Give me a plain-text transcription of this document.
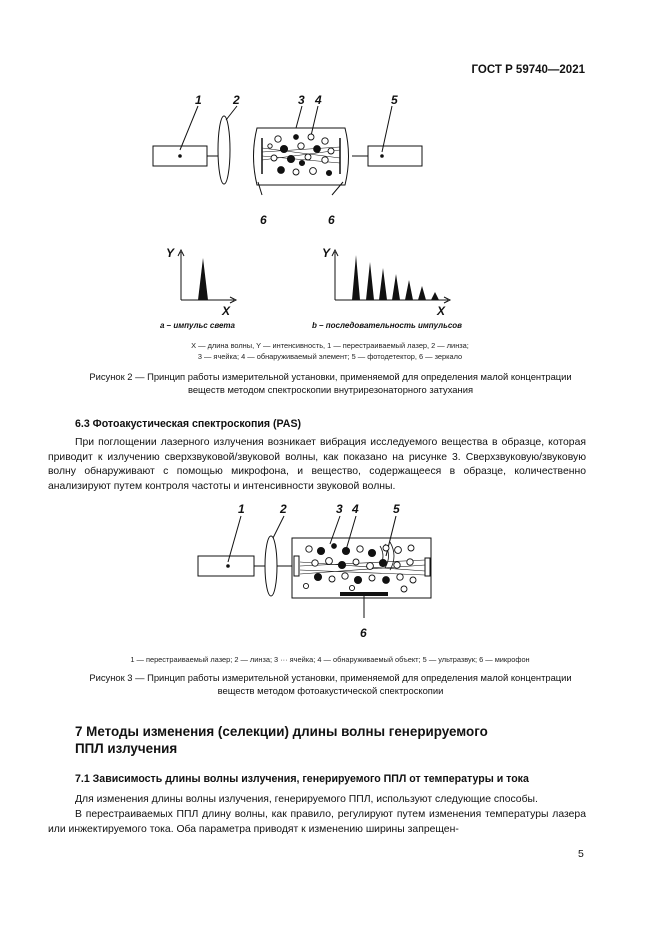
ГОСТ Р 59740—2021
1	2	3 4	5
6	6
Y
X
a – импульс света
Y
X
b – последовательность импульсов
X — длина волны, Y — интенсивность, 1 — перестраиваемый лазер, 2 — линза;
3 — ячейка; 4 — обнаруживаемый элемент; 5 — фотодетектор, 6 — зеркало
Рисунок 2 — Принцип работы измерительной установки, применяемой для определения малой концентрации
веществ методом спектроскопии внутрирезонаторного затухания
6.3 Фотоакустическая спектроскопия (PAS)
При поглощении лазерного излучения возникает вибрация исследуемого вещества в образце, которая приводит к излучению сверхзвуковой/звуковой волны, как показано на рисунке 3. Сверхзвуковую/звуковую волну обнаруживают с помощью микрофона, и вещество, содержащееся в образце, количественно анализируют путем контроля частоты и интенсивности звуковой волны.
1	2	3 4	5
6
1 — перестраиваемый лазер; 2 — линза; 3 ··· ячейка; 4 — обнаруживаемый объект; 5 — ультразвук; 6 — микрофон
Рисунок 3 — Принцип работы измерительной установки, применяемой для определения малой концентрации
веществ методом фотоакустической спектроскопии
7 Методы изменения (селекции) длины волны генерируемого ППЛ излучения
7.1 Зависимость длины волны излучения, генерируемого ППЛ от температуры и тока
Для изменения длины волны излучения, генерируемого ППЛ, используют следующие способы.
В перестраиваемых ППЛ длину волны, как правило, регулируют путем изменения температуры лазера или инжектируемого тока. Оба параметра приводят к изменению ширины запрещен-
5
